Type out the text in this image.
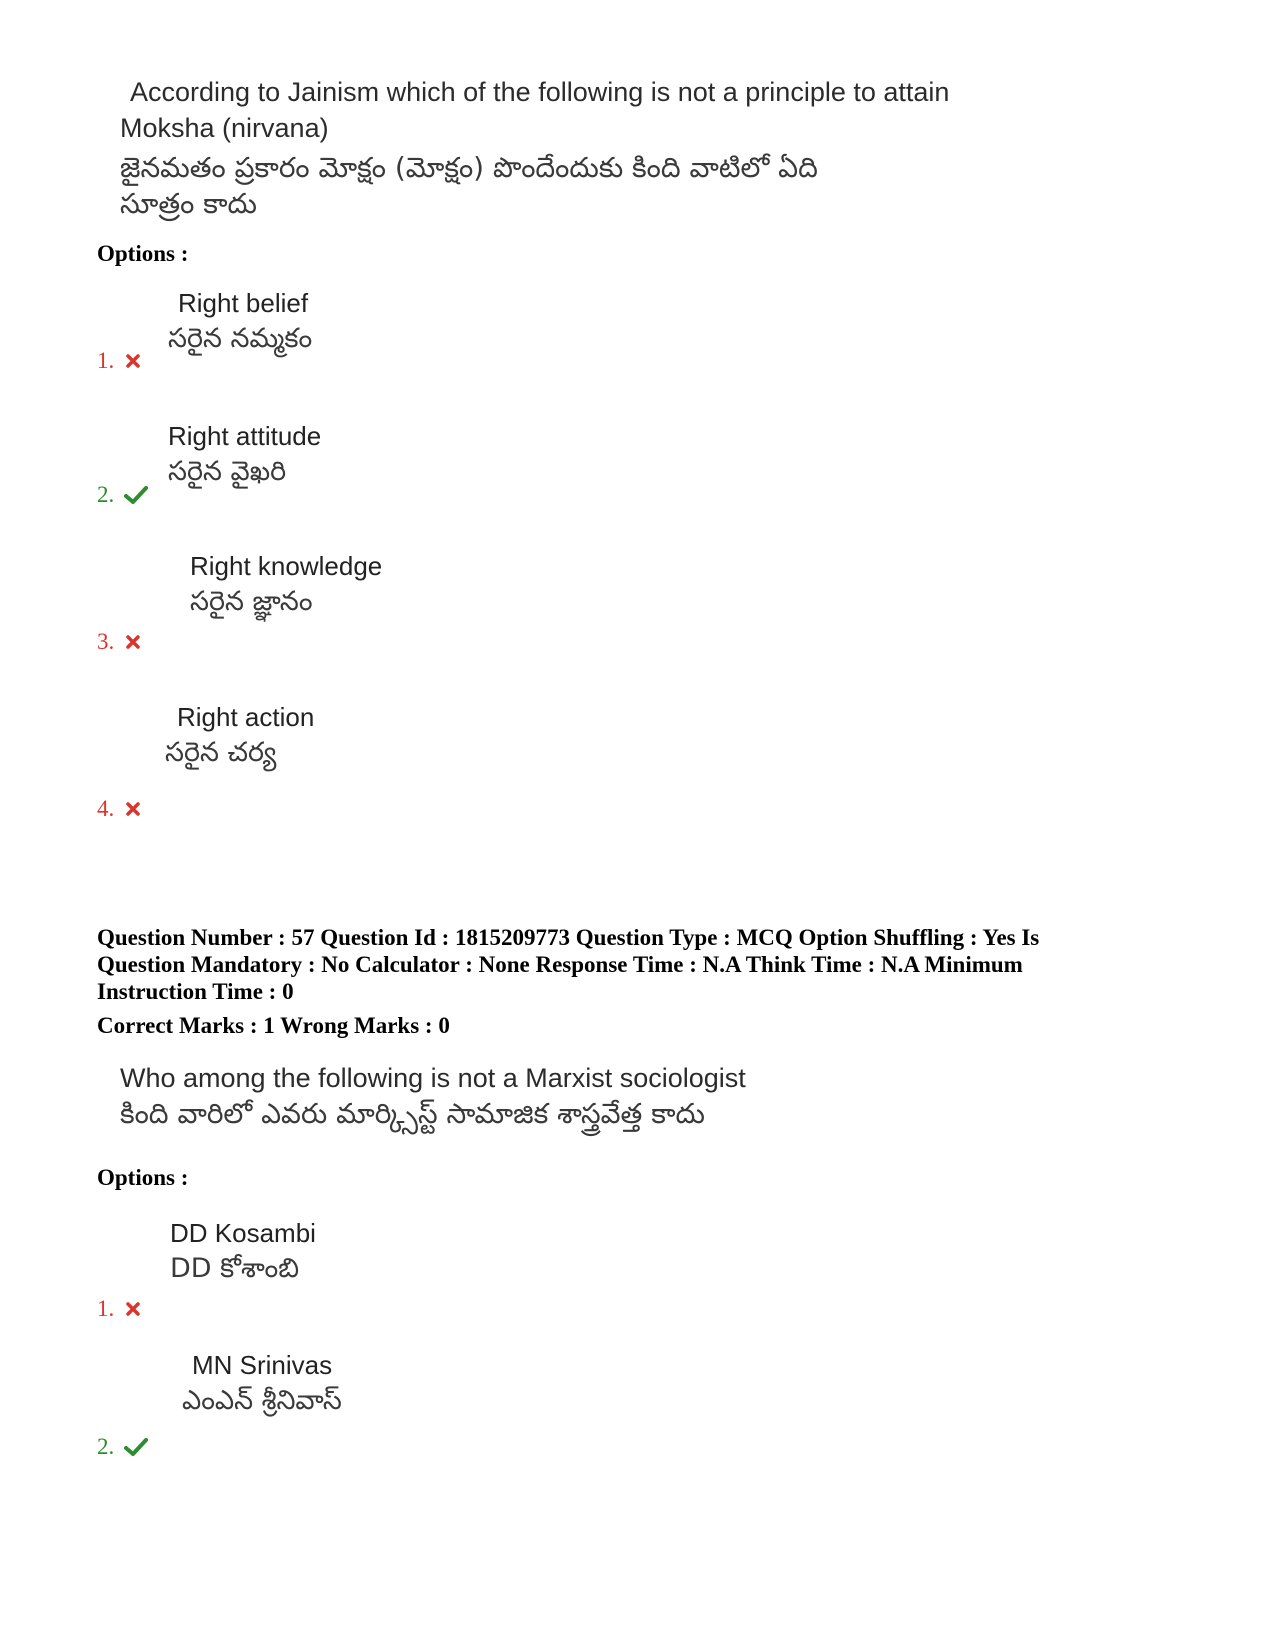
According to Jainism which of the following is not a principle to attain
Moksha (nirvana)
జైనమతం ప్రకారం మోక్షం (మోక్షం) పొందేందుకు కింది వాటిలో ఏది
సూత్రం కాదు
Options :
Right belief
సరైన నమ్మకం
1.
Right attitude
సరైన వైఖరి
2.
Right knowledge
సరైన జ్ఞానం
3.
Right action
సరైన చర్య
4.
Question Number : 57 Question Id : 1815209773 Question Type : MCQ Option Shuffling : Yes Is Question Mandatory : No Calculator : None Response Time : N.A Think Time : N.A Minimum Instruction Time : 0
Correct Marks : 1 Wrong Marks : 0
Who among the following is not a Marxist sociologist
కింది వారిలో ఎవరు మార్క్సిస్ట్ సామాజిక శాస్త్రవేత్త కాదు
Options :
DD Kosambi
DD కోశాంబి
1.
MN Srinivas
ఎంఎన్ శ్రీనివాస్
2.
